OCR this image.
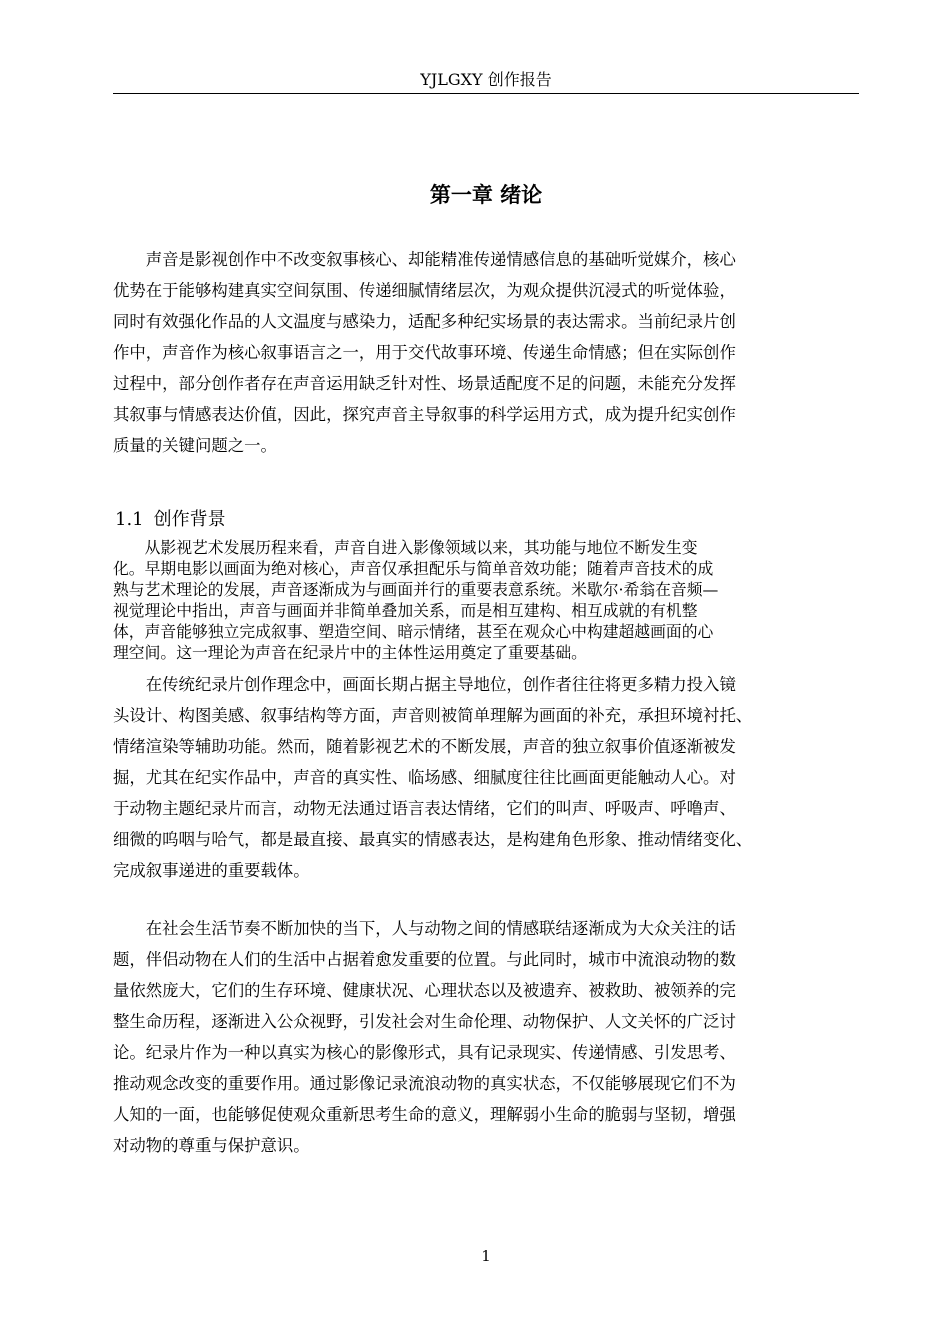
YJLGXY 创作报告
第一章 绪论
　　声音是影视创作中不改变叙事核心、却能精准传递情感信息的基础听觉媒介，核心
优势在于能够构建真实空间氛围、传递细腻情绪层次，为观众提供沉浸式的听觉体验，
同时有效强化作品的人文温度与感染力，适配多种纪实场景的表达需求。当前纪录片创
作中，声音作为核心叙事语言之一，用于交代故事环境、传递生命情感；但在实际创作
过程中，部分创作者存在声音运用缺乏针对性、场景适配度不足的问题，未能充分发挥
其叙事与情感表达价值，因此，探究声音主导叙事的科学运用方式，成为提升纪实创作
质量的关键问题之一。
1.1 创作背景
　　从影视艺术发展历程来看，声音自进入影像领域以来，其功能与地位不断发生变
化。早期电影以画面为绝对核心，声音仅承担配乐与简单音效功能；随着声音技术的成
熟与艺术理论的发展，声音逐渐成为与画面并行的重要表意系统。米歇尔·希翁在音频—
视觉理论中指出，声音与画面并非简单叠加关系，而是相互建构、相互成就的有机整
体，声音能够独立完成叙事、塑造空间、暗示情绪，甚至在观众心中构建超越画面的心
理空间。这一理论为声音在纪录片中的主体性运用奠定了重要基础。
　　在传统纪录片创作理念中，画面长期占据主导地位，创作者往往将更多精力投入镜
头设计、构图美感、叙事结构等方面，声音则被简单理解为画面的补充，承担环境衬托、
情绪渲染等辅助功能。然而，随着影视艺术的不断发展，声音的独立叙事价值逐渐被发
掘，尤其在纪实作品中，声音的真实性、临场感、细腻度往往比画面更能触动人心。对
于动物主题纪录片而言，动物无法通过语言表达情绪，它们的叫声、呼吸声、呼噜声、
细微的呜咽与哈气，都是最直接、最真实的情感表达，是构建角色形象、推动情绪变化、
完成叙事递进的重要载体。
　　在社会生活节奏不断加快的当下，人与动物之间的情感联结逐渐成为大众关注的话
题，伴侣动物在人们的生活中占据着愈发重要的位置。与此同时，城市中流浪动物的数
量依然庞大，它们的生存环境、健康状况、心理状态以及被遗弃、被救助、被领养的完
整生命历程，逐渐进入公众视野，引发社会对生命伦理、动物保护、人文关怀的广泛讨
论。纪录片作为一种以真实为核心的影像形式，具有记录现实、传递情感、引发思考、
推动观念改变的重要作用。通过影像记录流浪动物的真实状态，不仅能够展现它们不为
人知的一面，也能够促使观众重新思考生命的意义，理解弱小生命的脆弱与坚韧，增强
对动物的尊重与保护意识。
1
